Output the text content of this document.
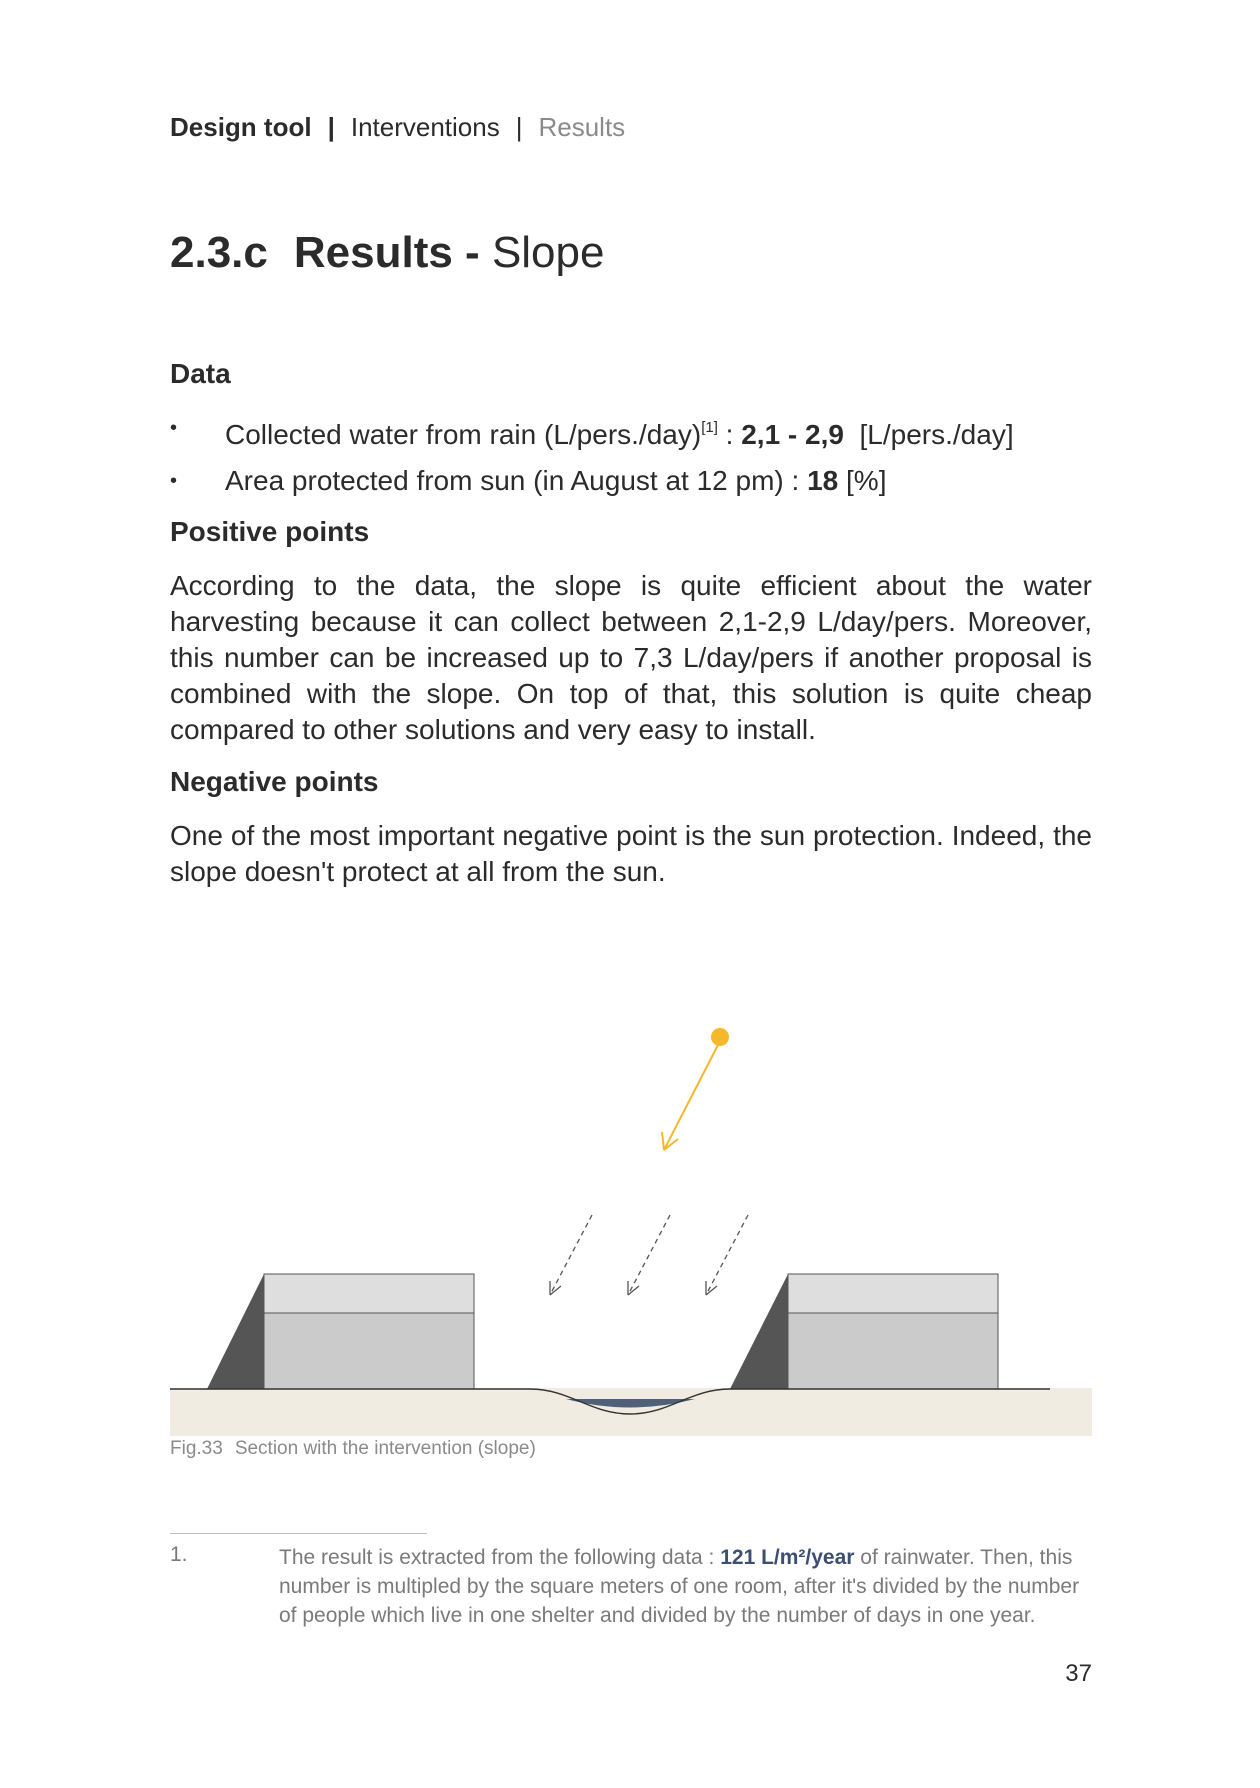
Design tool | Interventions | Results
2.3.c Results - Slope
Data
• Collected water from rain (L/pers./day)[1] : 2,1 - 2,9 [L/pers./day]
• Area protected from sun (in August at 12 pm) : 18 [%]
Positive points
According to the data, the slope is quite efficient about the water harvesting because it can collect between 2,1-2,9 L/day/pers. Moreover, this number can be increased up to 7,3 L/day/pers if another proposal is combined with the slope. On top of that, this solution is quite cheap compared to other solutions and very easy to install.
Negative points
One of the most important negative point is the sun protection. Indeed, the slope doesn't protect at all from the sun.
Fig.33 Section with the intervention (slope)
1.	The result is extracted from the following data : 121 L/m²/year of rainwater. Then, this number is multipled by the square meters of one room, after it's divided by the number of people which live in one shelter and divided by the number of days in one year.
37
